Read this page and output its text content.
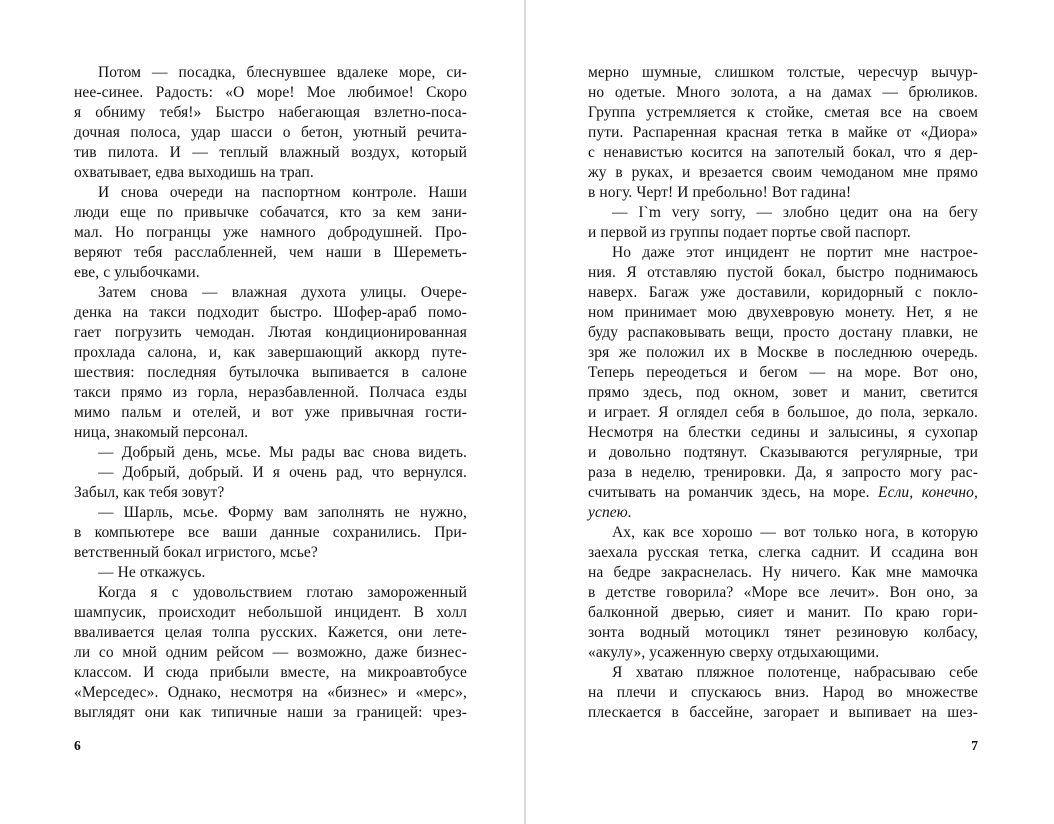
Потом — посадка, блеснувшее вдалеке море, си-
нее-синее. Радость: «О море! Мое любимое! Скоро
я обниму тебя!» Быстро набегающая взлетно-поса-
дочная полоса, удар шасси о бетон, уютный речита-
тив пилота. И — теплый влажный воздух, который
охватывает, едва выходишь на трап.
И снова очереди на паспортном контроле. Наши
люди еще по привычке собачатся, кто за кем зани-
мал. Но погранцы уже намного добродушней. Про-
веряют тебя расслабленней, чем наши в Шереметь-
еве, с улыбочками.
Затем снова — влажная духота улицы. Очере-
денка на такси подходит быстро. Шофер-араб помо-
гает погрузить чемодан. Лютая кондиционированная
прохлада салона, и, как завершающий аккорд путе-
шествия: последняя бутылочка выпивается в салоне
такси прямо из горла, неразбавленной. Полчаса езды
мимо пальм и отелей, и вот уже привычная гости-
ница, знакомый персонал.
— Добрый день, мсье. Мы рады вас снова видеть.
— Добрый, добрый. И я очень рад, что вернулся.
Забыл, как тебя зовут?
— Шарль, мсье. Форму вам заполнять не нужно,
в компьютере все ваши данные сохранились. При-
ветственный бокал игристого, мсье?
— Не откажусь.
Когда я с удовольствием глотаю замороженный
шампусик, происходит небольшой инцидент. В холл
вваливается целая толпа русских. Кажется, они лете-
ли со мной одним рейсом — возможно, даже бизнес-
классом. И сюда прибыли вместе, на микроавтобусе
«Мерседес». Однако, несмотря на «бизнес» и «мерс»,
выглядят они как типичные наши за границей: чрез-
6
мерно шумные, слишком толстые, чересчур вычур-
но одетые. Много золота, а на дамах — брюликов.
Группа устремляется к стойке, сметая все на своем
пути. Распаренная красная тетка в майке от «Диора»
с ненавистью косится на запотелый бокал, что я дер-
жу в руках, и врезается своим чемоданом мне прямо
в ногу. Черт! И пребольно! Вот гадина!
— I`m very sorry, — злобно цедит она на бегу
и первой из группы подает портье свой паспорт.
Но даже этот инцидент не портит мне настрое-
ния. Я отставляю пустой бокал, быстро поднимаюсь
наверх. Багаж уже доставили, коридорный с покло-
ном принимает мою двухевровую монету. Нет, я не
буду распаковывать вещи, просто достану плавки, не
зря же положил их в Москве в последнюю очередь.
Теперь переодеться и бегом — на море. Вот оно,
прямо здесь, под окном, зовет и манит, светится
и играет. Я оглядел себя в большое, до пола, зеркало.
Несмотря на блестки седины и залысины, я сухопар
и довольно подтянут. Сказываются регулярные, три
раза в неделю, тренировки. Да, я запросто могу рас-
считывать на романчик здесь, на море. Если, конечно,
успею.
Ах, как все хорошо — вот только нога, в которую
заехала русская тетка, слегка саднит. И ссадина вон
на бедре закраснелась. Ну ничего. Как мне мамочка
в детстве говорила? «Море все лечит». Вон оно, за
балконной дверью, сияет и манит. По краю гори-
зонта водный мотоцикл тянет резиновую колбасу,
«акулу», усаженную сверху отдыхающими.
Я хватаю пляжное полотенце, набрасываю себе
на плечи и спускаюсь вниз. Народ во множестве
плескается в бассейне, загорает и выпивает на шез-
7
